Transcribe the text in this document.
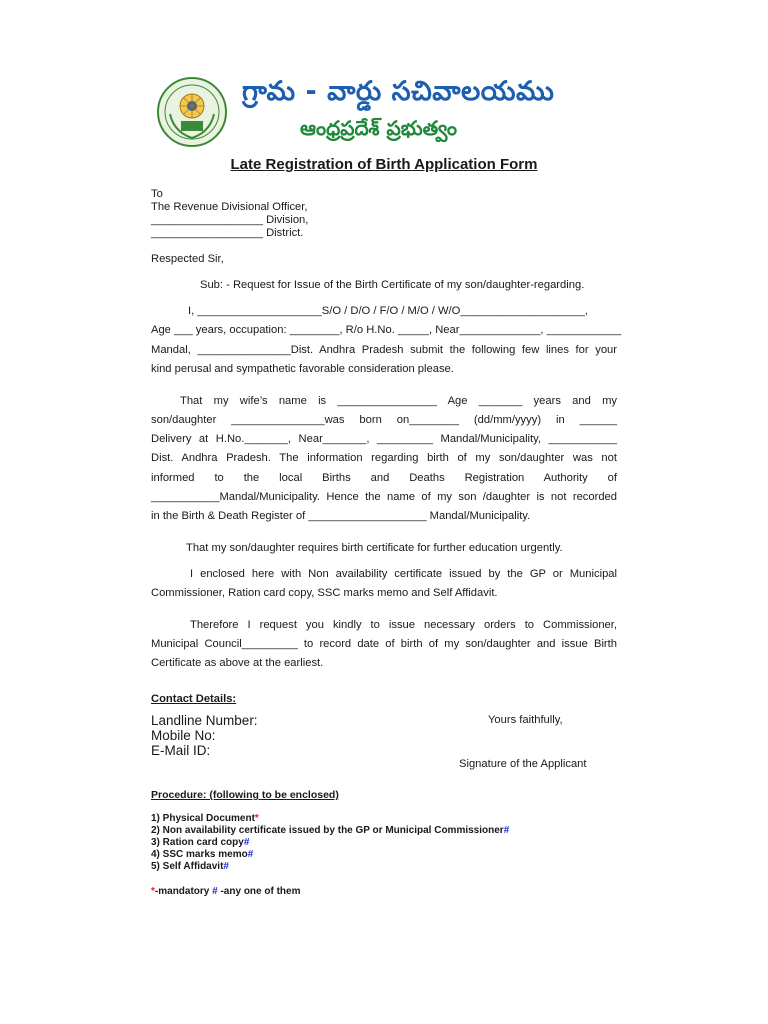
గ్రామ - వార్డు సచివాలయము
ఆంధ్రప్రదేశ్ ప్రభుత్వం
Late Registration of Birth Application Form
To
The Revenue Divisional Officer,
__________________ Division,
__________________ District.
Respected Sir,
Sub: - Request for Issue of the Birth Certificate of my son/daughter-regarding.
I, ____________________S/O / D/O / F/O / M/O / W/O____________________,
Age ___ years, occupation: ________, R/o H.No. _____, Near_____________, ____________
Mandal, _______________Dist. Andhra Pradesh submit the following few lines for your
kind perusal and sympathetic favorable consideration please.
That my wife’s name is ________________ Age _______ years and my
son/daughter _______________was born on________ (dd/mm/yyyy) in ______
Delivery at H.No._______, Near_______, _________ Mandal/Municipality, ___________
Dist. Andhra Pradesh. The information regarding birth of my son/daughter was not
informed to the local Births and Deaths Registration Authority of
___________Mandal/Municipality. Hence the name of my son /daughter is not recorded
in the Birth & Death Register of ___________________ Mandal/Municipality.
That my son/daughter requires birth certificate for further education urgently.
I enclosed here with Non availability certificate issued by the GP or Municipal
Commissioner, Ration card copy, SSC marks memo and Self Affidavit.
Therefore I request you kindly to issue necessary orders to Commissioner,
Municipal Council_________ to record date of birth of my son/daughter and issue Birth
Certificate as above at the earliest.
Contact Details:
Landline Number:
Mobile No:
E-Mail ID:
Yours faithfully,
Signature of the Applicant
Procedure: (following to be enclosed)
1) Physical Document*
2) Non availability certificate issued by the GP or Municipal Commissioner#
3) Ration card copy#
4) SSC marks memo#
5) Self Affidavit#
*-mandatory # -any one of them
